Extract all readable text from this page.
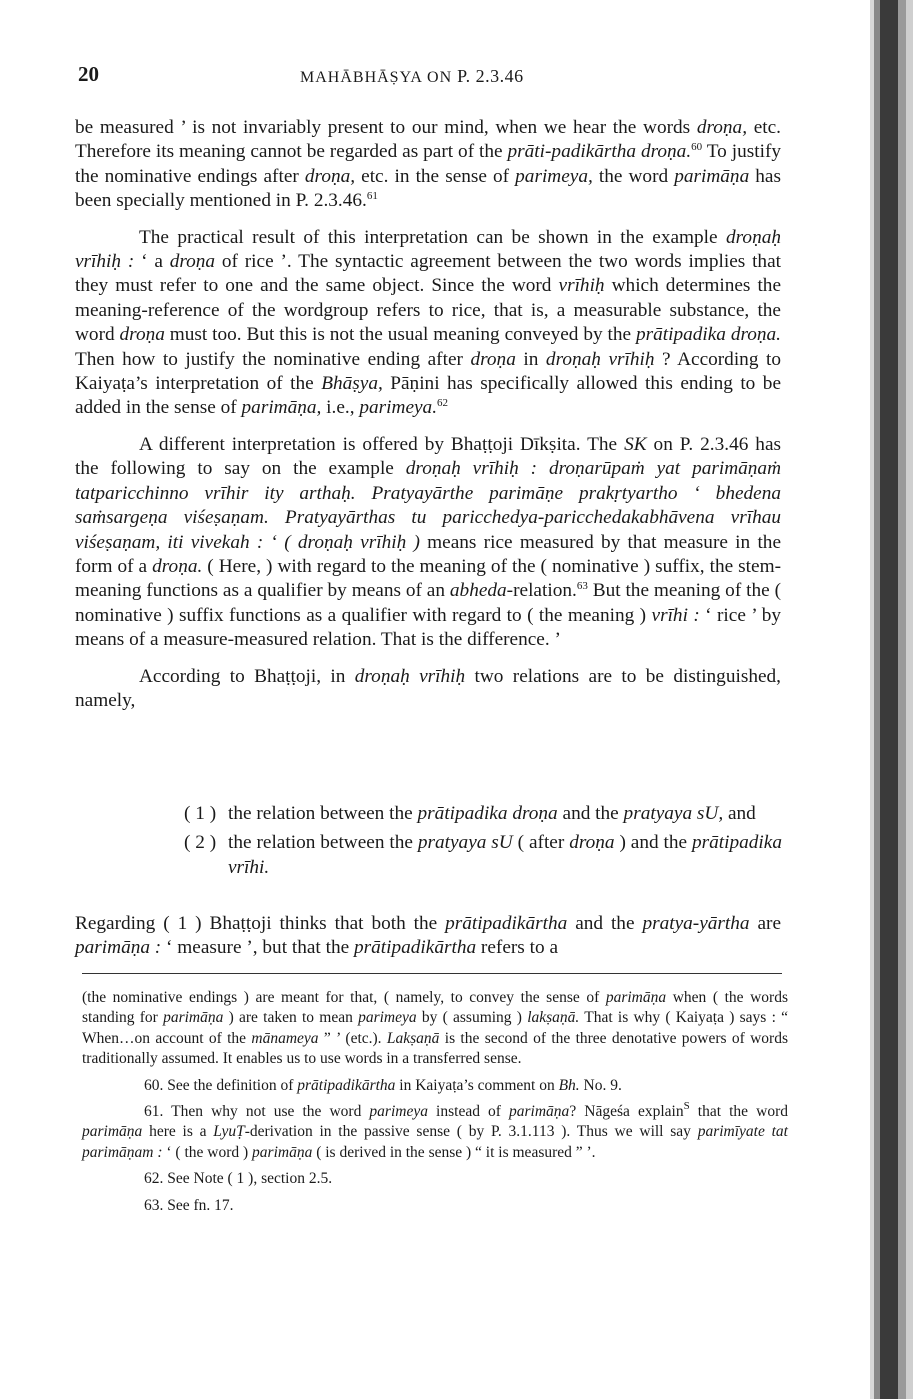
20	MAHĀBHĀṢYA ON P. 2.3.46

be measured ’ is not invariably present to our mind, when we hear the words droṇa, etc. Therefore its meaning cannot be regarded as part of the prāti-padikārtha droṇa.$^{60}$ To justify the nominative endings after droṇa, etc. in the sense of parimeya, the word parimāṇa has been specially mentioned in P. 2.3.46.61

The practical result of this interpretation can be shown in the example droṇaḥ vrīhiḥ : ‘ a droṇa of rice ’. The syntactic agreement between the two words implies that they must refer to one and the same object. Since the word vrīhiḥ which determines the meaning-reference of the wordgroup refers to rice, that is, a measurable substance, the word droṇa must too. But this is not the usual meaning conveyed by the prātipadika droṇa. Then how to justify the nominative ending after droṇa in droṇaḥ vrīhiḥ ? According to Kaiyaṭa’s interpretation of the Bhāṣya, Pāṇini has specifically allowed this ending to be added in the sense of parimāṇa, i.e., parimeya.$^{62}$

A different interpretation is offered by Bhaṭṭoji Dīkṣita. The SK on P. 2.3.46 has the following to say on the example droṇaḥ vrīhiḥ : droṇarūpaṁ yat parimāṇaṁ tatparicchinno vrīhir ity arthaḥ. Pratyayārthe parimāṇe prakṛtyartho ‘ bhedena saṁsargeṇa viśeṣaṇam. Pratyayārthas tu paricchedya-paricchedakabhāvena vrīhau viśeṣaṇam, iti vivekah : ‘ ( droṇaḥ vrīhiḥ ) means rice measured by that measure in the form of a droṇa. ( Here, ) with regard to the meaning of the ( nominative ) suffix, the stem-meaning functions as a qualifier by means of an abheda-relation.$^{63}$ But the meaning of the ( nominative ) suffix functions as a qualifier with regard to ( the meaning ) vrīhi : ‘ rice ’ by means of a measure-measured relation. That is the difference. ’

According to Bhaṭṭoji, in droṇaḥ vrīhiḥ two relations are to be distinguished, namely,

( 1 ) the relation between the prātipadika droṇa and the pratyaya sU, and
( 2 ) the relation between the pratyaya sU ( after droṇa ) and the prātipadika vrīhi.
Regarding ( 1 ) Bhaṭṭoji thinks that both the prātipadikārtha and the pratya-yārtha are parimāṇa : ‘ measure ’, but that the prātipadikārtha refers to a

(the nominative endings ) are meant for that, ( namely, to convey the sense of parimāṇa when ( the words standing for parimāṇa ) are taken to mean parimeya by ( assuming ) lakṣaṇā. That is why ( Kaiyaṭa ) says : “ When…on account of the mānameya ” ’ (etc.). Lakṣaṇā is the second of the three denotative powers of words traditionally assumed. It enables us to use words in a transferred sense.

60. See the definition of prātipadikārtha in Kaiyaṭa’s comment on Bh. No. 9.

61. Then why not use the word parimeya instead of parimāṇa? Nāgeśa explain$^S$ that the word parimāṇa here is a LyuṬ-derivation in the passive sense ( by P. 3.1.113 ). Thus we will say parimīyate tat parimāṇam : ‘ ( the word ) parimāṇa ( is derived in the sense ) “ it is measured ” ’.

62. See Note ( 1 ), section 2.5.

63. See fn. 17.
